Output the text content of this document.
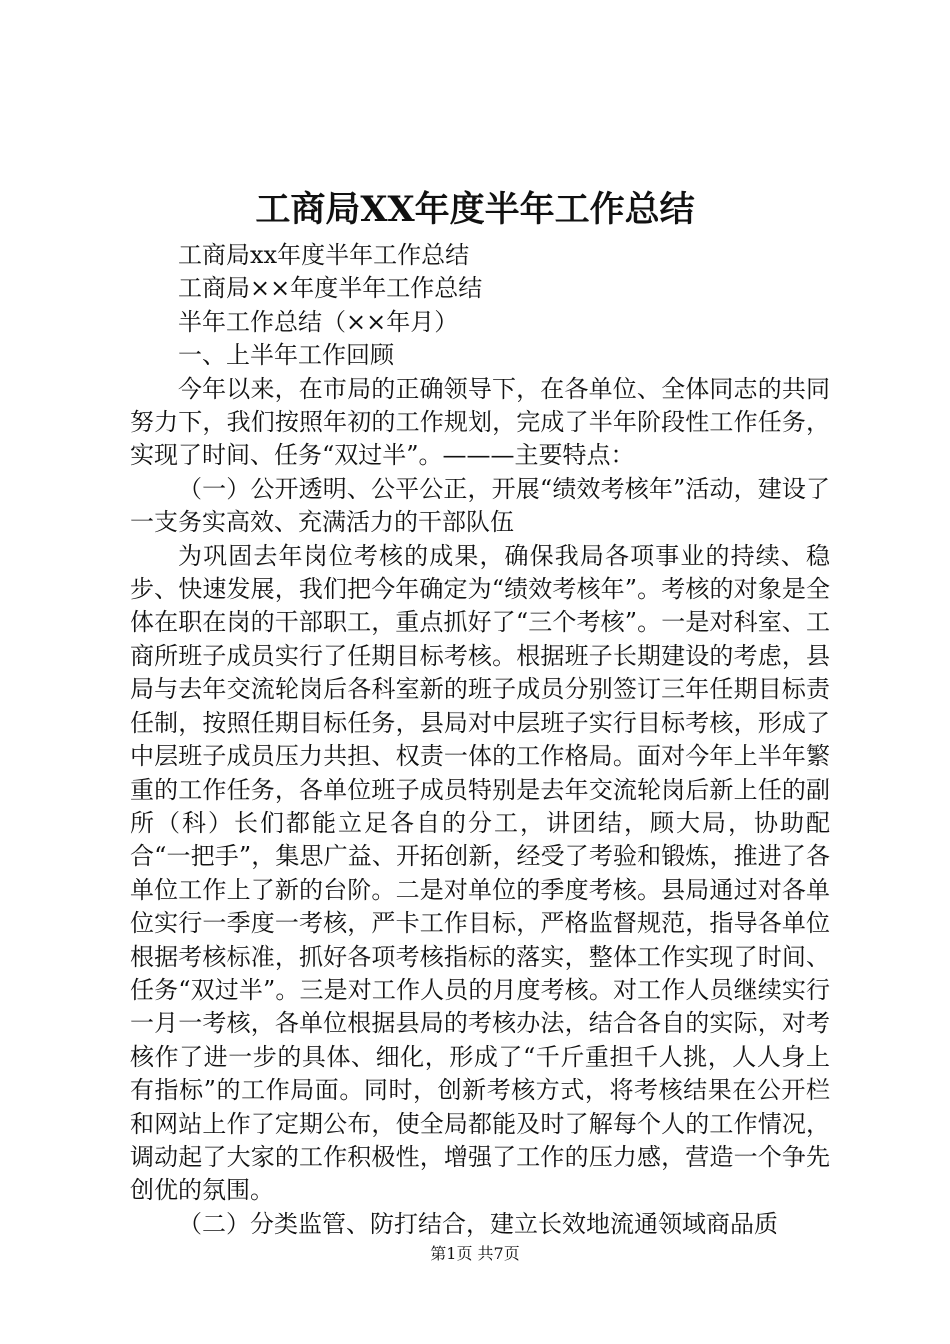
工商局XX年度半年工作总结

工商局xx年度半年工作总结

工商局××年度半年工作总结

半年工作总结（××年月）

一、上半年工作回顾

今年以来，在市局的正确领导下，在各单位、全体同志的共同努力下，我们按照年初的工作规划，完成了半年阶段性工作任务，实现了时间、任务“双过半”。———主要特点：

（一）公开透明、公平公正，开展“绩效考核年”活动，建设了一支务实高效、充满活力的干部队伍

为巩固去年岗位考核的成果，确保我局各项事业的持续、稳步、快速发展，我们把今年确定为“绩效考核年”。考核的对象是全体在职在岗的干部职工，重点抓好了“三个考核”。一是对科室、工商所班子成员实行了任期目标考核。根据班子长期建设的考虑，县局与去年交流轮岗后各科室新的班子成员分别签订三年任期目标责任制，按照任期目标任务，县局对中层班子实行目标考核，形成了中层班子成员压力共担、权责一体的工作格局。面对今年上半年繁重的工作任务，各单位班子成员特别是去年交流轮岗后新上任的副所（科）长们都能立足各自的分工，讲团结，顾大局，协助配合“一把手”，集思广益、开拓创新，经受了考验和锻炼，推进了各单位工作上了新的台阶。二是对单位的季度考核。县局通过对各单位实行一季度一考核，严卡工作目标，严格监督规范，指导各单位根据考核标准，抓好各项考核指标的落实，整体工作实现了时间、任务“双过半”。三是对工作人员的月度考核。对工作人员继续实行一月一考核，各单位根据县局的考核办法，结合各自的实际，对考核作了进一步的具体、细化，形成了“千斤重担千人挑，人人身上有指标”的工作局面。同时，创新考核方式，将考核结果在公开栏和网站上作了定期公布，使全局都能及时了解每个人的工作情况，调动起了大家的工作积极性，增强了工作的压力感，营造一个争先创优的氛围。

（二）分类监管、防打结合，建立长效地流通领域商品质

第1页 共7页
